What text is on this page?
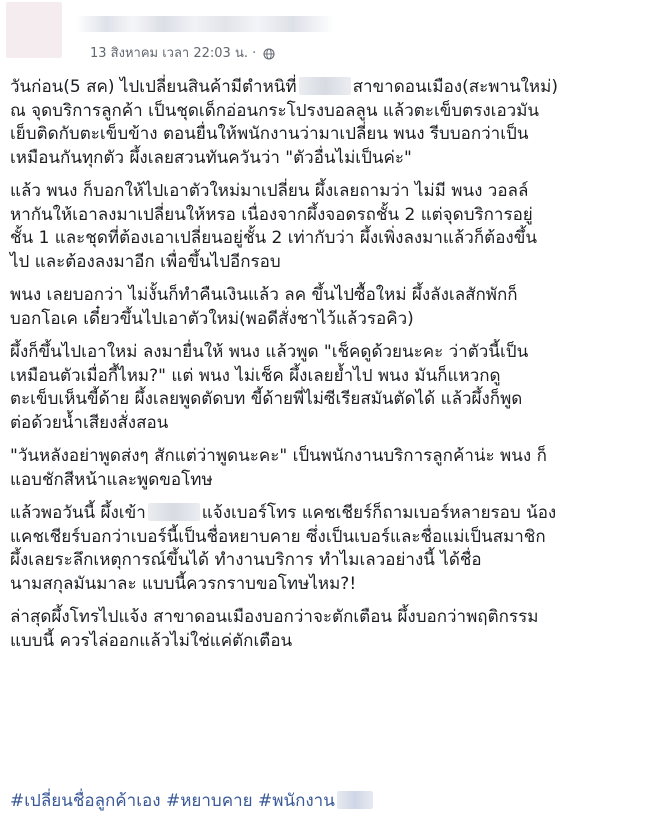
13 สิงหาคม เวลา 22:03 น. ·

วันก่อน(5 สค) ไปเปลี่ยนสินค้ามีตำหนิที่	สาขาดอนเมือง(สะพานใหม่)
ณ จุดบริการลูกค้า เป็นชุดเด็กอ่อนกระโปรงบอลลูน แล้วตะเข็บตรงเอวมัน
เย็บติดกับตะเข็บข้าง ตอนยื่นให้พนักงานว่ามาเปลี่ยน พนง รีบบอกว่าเป็น
เหมือนกันทุกตัว ผึ้งเลยสวนทันควันว่า "ตัวอื่นไม่เป็นค่ะ"

แล้ว พนง ก็บอกให้ไปเอาตัวใหม่มาเปลี่ยน ผึ้งเลยถามว่า ไม่มี พนง วอลล์
หากันให้เอาลงมาเปลี่ยนให้หรอ เนื่องจากผึ้งจอดรถชั้น 2 แต่จุดบริการอยู่
ชั้น 1 และชุดที่ต้องเอาเปลี่ยนอยู่ชั้น 2 เท่ากับว่า ผึ้งเพิ่งลงมาแล้วก็ต้องขึ้น
ไป และต้องลงมาอีก เพื่อขึ้นไปอีกรอบ

พนง เลยบอกว่า ไม่งั้นก็ทำคืนเงินแล้ว ลค ขึ้นไปซื้อใหม่ ผึ้งลังเลสักพักก็
บอกโอเค เดี๋ยวขึ้นไปเอาตัวใหม่(พอดีสั่งชาไว้แล้วรอคิว)

ผึ้งก็ขึ้นไปเอาใหม่ ลงมายื่นให้ พนง แล้วพูด "เช็คดูด้วยนะคะ ว่าตัวนี้เป็น
เหมือนตัวเมื่อกี้ไหม?" แต่ พนง ไม่เช็ค ผึ้งเลยย้ำไป พนง มันก็แหวกดู
ตะเข็บเห็นขี้ด้าย ผึ้งเลยพูดตัดบท ขี้ด้ายพี่ไม่ซีเรียสมันตัดได้ แล้วผึ้งก็พูด
ต่อด้วยน้ำเสียงสั่งสอน

"วันหลังอย่าพูดส่งๆ สักแต่ว่าพูดนะคะ" เป็นพนักงานบริการลูกค้าน่ะ พนง ก็
แอบชักสีหน้าและพูดขอโทษ

แล้วพอวันนี้ ผึ้งเข้า	แจ้งเบอร์โทร แคชเชียร์ก็ถามเบอร์หลายรอบ น้อง
แคชเชียร์บอกว่าเบอร์นี้เป็นชื่อหยาบคาย ซึ่งเป็นเบอร์และชื่อแม่เป็นสมาชิก
ผึ้งเลยระลึกเหตุการณ์ขึ้นได้ ทำงานบริการ ทำไมเลวอย่างนี้ ได้ชื่อ
นามสกุลมันมาละ แบบนี้ควรกราบขอโทษไหม?!

ล่าสุดผึ้งโทรไปแจ้ง สาขาดอนเมืองบอกว่าจะตักเตือน ผึ้งบอกว่าพฤติกรรม
แบบนี้ ควรไล่ออกแล้วไม่ใช่แค่ตักเตือน

#เปลี่ยนชื่อลูกค้าเอง #หยาบคาย #พนักงาน
